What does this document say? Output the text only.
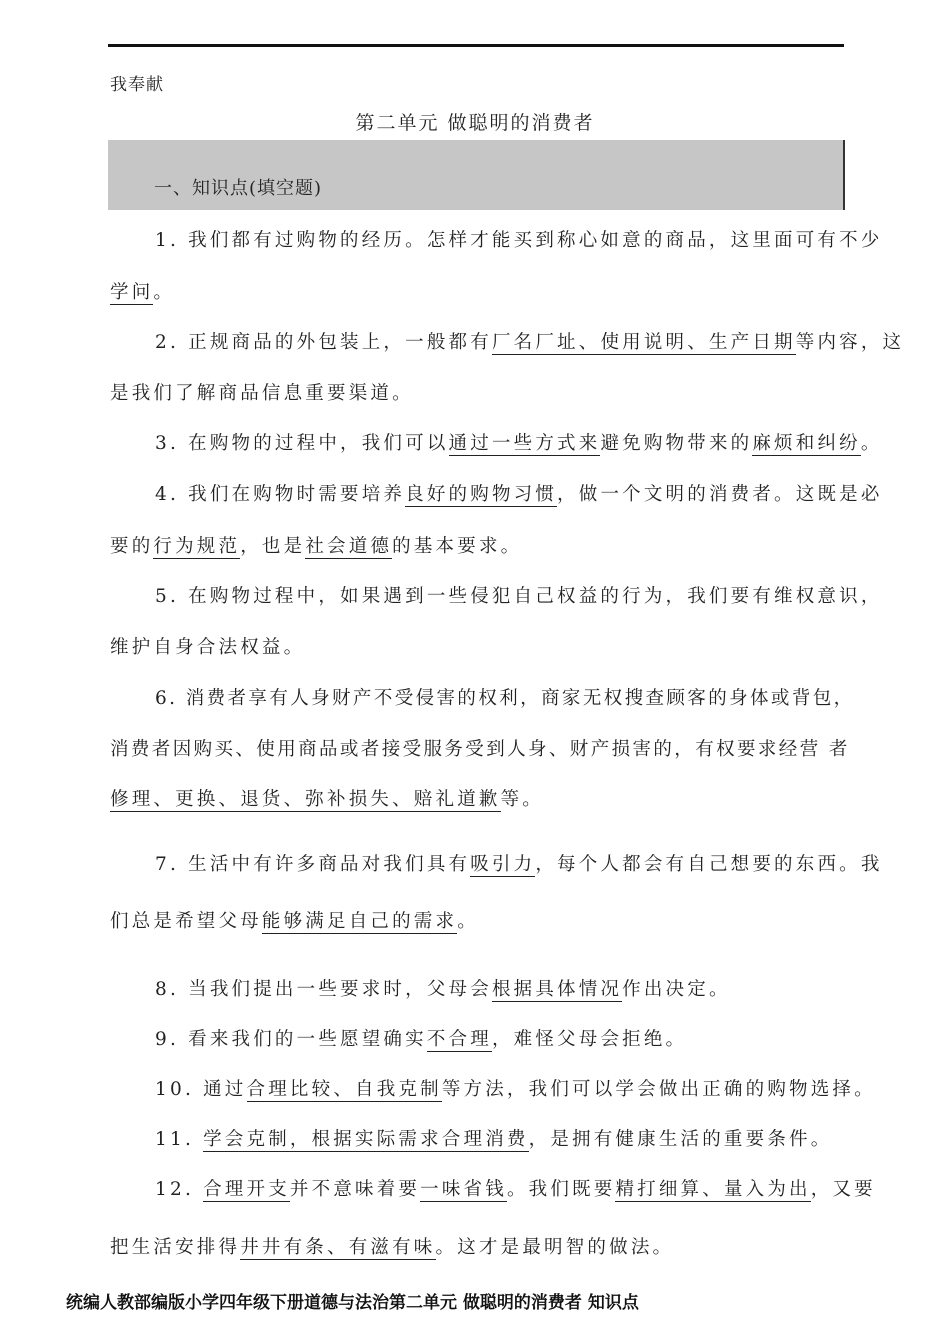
我奉献
第二单元 做聪明的消费者
一、知识点(填空题)
1. 我们都有过购物的经历。怎样才能买到称心如意的商品，这里面可有不少
学问。
2. 正规商品的外包装上，一般都有厂名厂址、使用说明、生产日期等内容，这
是我们了解商品信息重要渠道。
3. 在购物的过程中，我们可以通过一些方式来避免购物带来的麻烦和纠纷。
4. 我们在购物时需要培养良好的购物习惯，做一个文明的消费者。这既是必
要的行为规范，也是社会道德的基本要求。
5. 在购物过程中，如果遇到一些侵犯自己权益的行为，我们要有维权意识，
维护自身合法权益。
6. 消费者享有人身财产不受侵害的权利，商家无权搜查顾客的身体或背包，
消费者因购买、使用商品或者接受服务受到人身、财产损害的，有权要求经营 者
修理、更换、退货、弥补损失、赔礼道歉等。
7. 生活中有许多商品对我们具有吸引力，每个人都会有自己想要的东西。我
们总是希望父母能够满足自己的需求。
8. 当我们提出一些要求时，父母会根据具体情况作出决定。
9. 看来我们的一些愿望确实不合理，难怪父母会拒绝。
10. 通过合理比较、自我克制等方法，我们可以学会做出正确的购物选择。
11. 学会克制，根据实际需求合理消费，是拥有健康生活的重要条件。
12. 合理开支并不意味着要一味省钱。我们既要精打细算、量入为出，又要
把生活安排得井井有条、有滋有味。这才是最明智的做法。
统编人教部编版小学四年级下册道德与法治第二单元 做聪明的消费者 知识点
